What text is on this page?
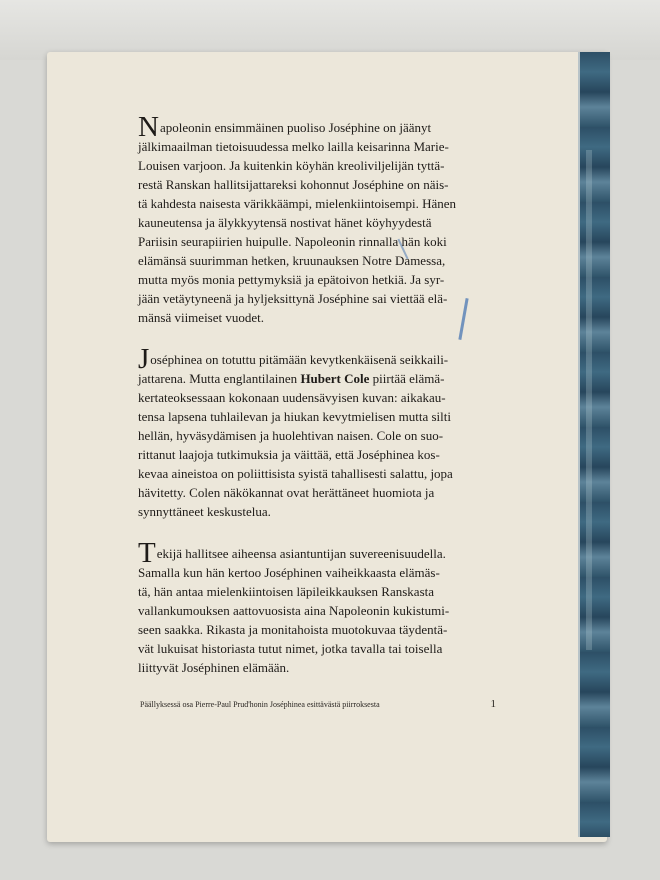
Napoleonin ensimmäinen puoliso Joséphine on jäänyt
jälkimaailman tietoisuudessa melko lailla keisarinna Marie-
Louisen varjoon. Ja kuitenkin köyhän kreoliviljelijän tyttä-
restä Ranskan hallitsijattareksi kohonnut Joséphine on näis-
tä kahdesta naisesta värikkäämpi, mielenkiintoisempi. Hänen
kauneutensa ja älykkyytensä nostivat hänet köyhyydestä
Pariisin seurapiirien huipulle. Napoleonin rinnalla hän koki
elämänsä suurimman hetken, kruunauksen Notre Damessa,
mutta myös monia pettymyksiä ja epätoivon hetkiä. Ja syr-
jään vetäytyneenä ja hyljeksittynä Joséphine sai viettää elä-
mänsä viimeiset vuodet.

Joséphinea on totuttu pitämään kevytkenkäisenä seikkaili-
jattarena. Mutta englantilainen Hubert Cole piirtää elämä-
kertateoksessaan kokonaan uudensävyisen kuvan: aikakau-
tensa lapsena tuhlailevan ja hiukan kevytmielisen mutta silti
hellän, hyväsydämisen ja huolehtivan naisen. Cole on suo-
rittanut laajoja tutkimuksia ja väittää, että Joséphinea kos-
kevaa aineistoa on poliittisista syistä tahallisesti salattu, jopa
hävitetty. Colen näkökannat ovat herättäneet huomiota ja
synnyttäneet keskustelua.

Tekijä hallitsee aiheensa asiantuntijan suvereenisuudella.
Samalla kun hän kertoo Joséphinen vaiheikkaasta elämäs-
tä, hän antaa mielenkiintoisen läpileikkauksen Ranskasta
vallankumouksen aattovuosista aina Napoleonin kukistumi-
seen saakka. Rikasta ja monitahoista muotokuvaa täydentä-
vät lukuisat historiasta tutut nimet, jotka tavalla tai toisella
liittyvät Joséphinen elämään.

Päällyksessä osa Pierre-Paul Prud'honin Joséphinea esittävästä piirroksesta	1
